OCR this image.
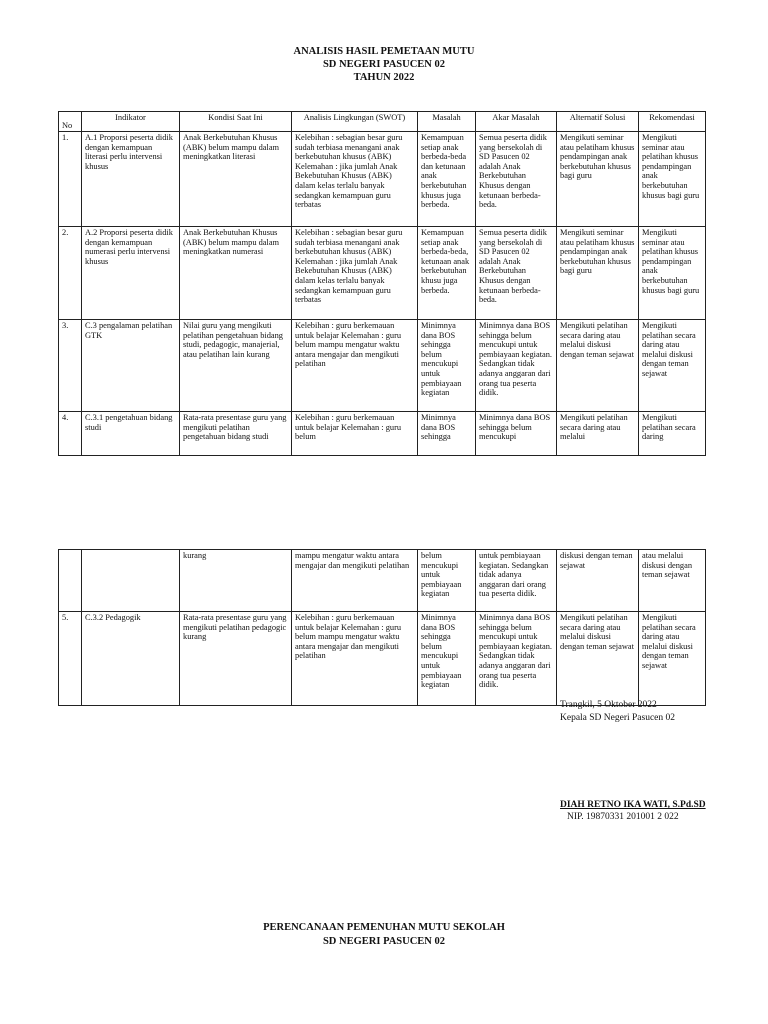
ANALISIS HASIL PEMETAAN MUTU
SD NEGERI PASUCEN 02
TAHUN 2022
No	Indikator	Kondisi Saat Ini	Analisis Lingkungan (SWOT)	Masalah	Akar Masalah	Alternatif Solusi	Rekomendasi
1.	A.1 Proporsi peserta didik dengan kemampuan literasi perlu intervensi khusus	Anak Berkebutuhan Khusus (ABK) belum mampu dalam meningkatkan literasi	Kelebihan : sebagian besar guru sudah terbiasa menangani anak berkebutuhan khusus (ABK) Kelemahan : jika jumlah Anak Bekebutuhan Khusus (ABK) dalam kelas terlalu banyak sedangkan kemampuan guru terbatas	Kemampuan setiap anak berbeda-beda dan ketunaan anak berkebutuhan khusus juga berbeda.	Semua peserta didik yang bersekolah di SD Pasucen 02 adalah Anak Berkebutuhan Khusus dengan ketunaan berbeda-beda.	Mengikuti seminar atau pelatiham khusus pendampingan anak berkebutuhan khusus bagi guru	Mengikuti seminar atau pelatihan khusus pendampingan anak berkebutuhan khusus bagi guru
2.	A.2 Proporsi peserta didik dengan kemampuan numerasi perlu intervensi khusus	Anak Berkebutuhan Khusus (ABK) belum mampu dalam meningkatkan numerasi	Kelebihan : sebagian besar guru sudah terbiasa menangani anak berkebutuhan khusus (ABK) Kelemahan : jika jumlah Anak Bekebutuhan Khusus (ABK) dalam kelas terlalu banyak sedangkan kemampuan guru terbatas	Kemampuan setiap anak berbeda-beda, ketunaan anak berkebutuhan khusu juga berbeda.	Semua peserta didik yang bersekolah di SD Pasucen 02 adalah Anak Berkebutuhan Khusus dengan ketunaan berbeda-beda.	Mengikuti seminar atau pelatiham khusus pendampingan anak berkebutuhan khusus bagi guru	Mengikuti seminar atau pelatihan khusus pendampingan anak berkebutuhan khusus bagi guru
3.	C.3 pengalaman pelatihan GTK	Nilai guru yang mengikuti pelatihan pengetahuan bidang studi, pedagogic, manajerial, atau pelatihan lain kurang	Kelebihan : guru berkemauan untuk belajar Kelemahan : guru belum mampu mengatur waktu antara mengajar dan mengikuti pelatihan	Minimnya dana BOS sehingga belum mencukupi untuk pembiayaan kegiatan	Minimnya dana BOS sehingga belum mencukupi untuk pembiayaan kegiatan. Sedangkan tidak adanya anggaran dari orang tua peserta didik.	Mengikuti pelatihan secara daring atau melalui diskusi dengan teman sejawat	Mengikuti pelatihan secara daring atau melalui diskusi dengan teman sejawat
4.	C.3.1 pengetahuan bidang studi	Rata-rata presentase guru yang mengikuti pelatihan pengetahuan bidang studi	Kelebihan : guru berkemauan untuk belajar Kelemahan : guru belum	Minimnya dana BOS sehingga	Minimnya dana BOS sehingga belum mencukupi	Mengikuti pelatihan secara daring atau melalui	Mengikuti pelatihan secara daring
		kurang	mampu mengatur waktu antara mengajar dan mengikuti pelatihan	belum mencukupi untuk pembiayaan kegiatan	untuk pembiayaan kegiatan. Sedangkan tidak adanya anggaran dari orang tua peserta didik.	diskusi dengan teman sejawat	atau melalui diskusi dengan teman sejawat
5.	C.3.2 Pedagogik	Rata-rata presentase guru yang mengikuti pelatihan pedagogic kurang	Kelebihan : guru berkemauan untuk belajar Kelemahan : guru belum mampu mengatur waktu antara mengajar dan mengikuti pelatihan	Minimnya dana BOS sehingga belum mencukupi untuk pembiayaan kegiatan	Minimnya dana BOS sehingga belum mencukupi untuk pembiayaan kegiatan. Sedangkan tidak adanya anggaran dari orang tua peserta didik.	Mengikuti pelatihan secara daring atau melalui diskusi dengan teman sejawat	Mengikuti pelatihan secara daring atau melalui diskusi dengan teman sejawat
Trangkil, 5 Oktober 2022
Kepala SD Negeri Pasucen 02
DIAH RETNO IKA WATI, S.Pd.SD
NIP. 19870331 201001 2 022
PERENCANAAN PEMENUHAN MUTU SEKOLAH
SD NEGERI PASUCEN 02
